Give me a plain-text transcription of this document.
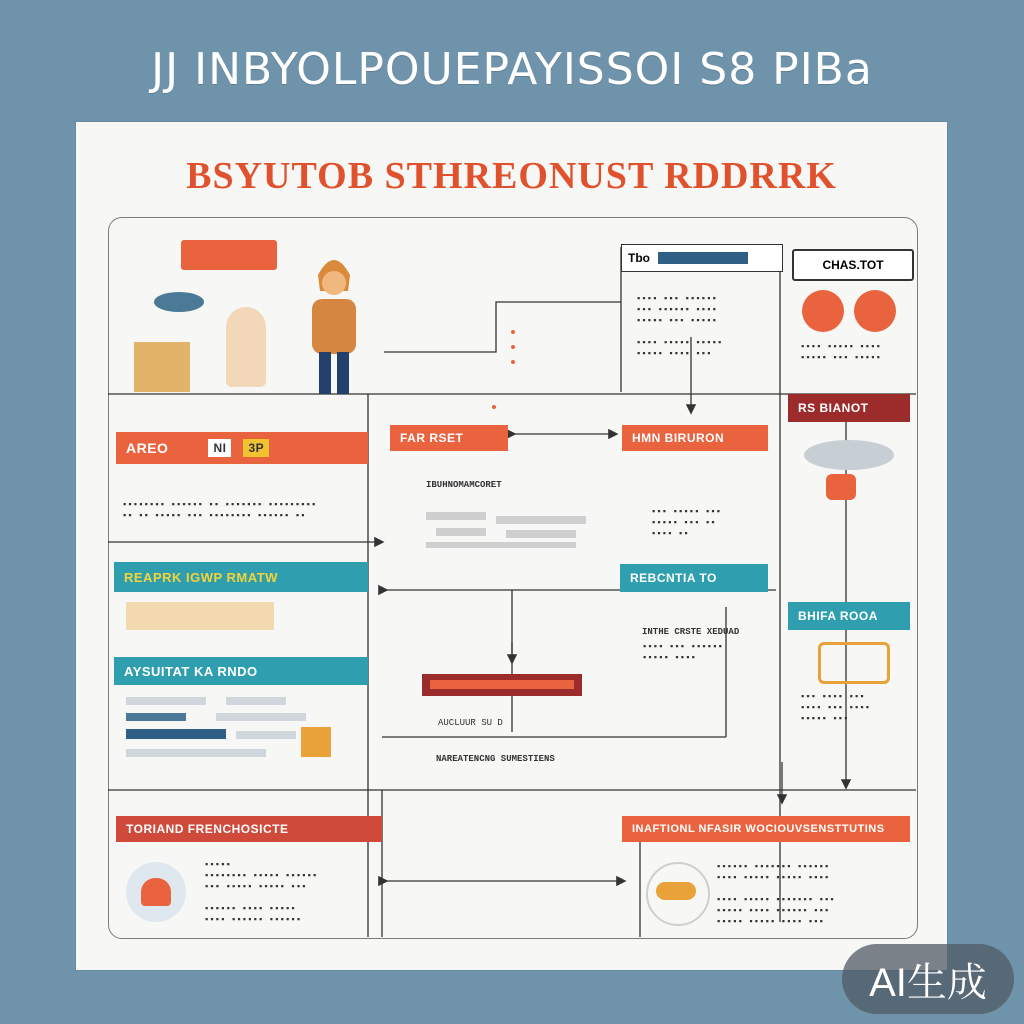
JJ INBYOLPOUEPAYISSOI S8 PIBa
BSYUTOB STHREONUST RDDRRK
Tbo
▪▪▪▪ ▪▪▪ ▪▪▪▪▪▪
▪▪▪ ▪▪▪▪▪▪ ▪▪▪▪
▪▪▪▪▪ ▪▪▪ ▪▪▪▪▪

▪▪▪▪ ▪▪▪▪▪ ▪▪▪▪▪
▪▪▪▪▪ ▪▪▪▪ ▪▪▪
CHAS.TOT
▪▪▪▪ ▪▪▪▪▪ ▪▪▪▪
▪▪▪▪▪ ▪▪▪ ▪▪▪▪▪
AREO	NI	3P
▪▪▪▪▪▪▪▪ ▪▪▪▪▪▪ ▪▪ ▪▪▪▪▪▪▪ ▪▪▪▪▪▪▪▪▪
▪▪ ▪▪ ▪▪▪▪▪ ▪▪▪ ▪▪▪▪▪▪▪▪ ▪▪▪▪▪▪ ▪▪
FAR RSET	HMN BIRURON
IBUHNOMAMCORET
▪▪▪ ▪▪▪▪▪ ▪▪▪
▪▪▪▪▪ ▪▪▪ ▪▪
▪▪▪▪ ▪▪
RS BIANOT
REAPRK IGWP RMATW
AYSUITAT KA RNDO
REBCNTIA TO
INTHE CRSTE XEDUAD
▪▪▪▪ ▪▪▪ ▪▪▪▪▪▪
▪▪▪▪▪ ▪▪▪▪
BHIFA ROOA
▪▪▪ ▪▪▪▪ ▪▪▪
▪▪▪▪ ▪▪▪ ▪▪▪▪
▪▪▪▪▪ ▪▪▪
AUCLUUR SU D
NAREATENCNG SUMESTIENS
TORIAND FRENCHOSICTE	INAFTIONL NFASIR WOCIOUVSENSTTUTINS
▪▪▪▪▪
▪▪▪▪▪▪▪▪ ▪▪▪▪▪ ▪▪▪▪▪▪
▪▪▪ ▪▪▪▪▪ ▪▪▪▪▪ ▪▪▪

▪▪▪▪▪▪ ▪▪▪▪ ▪▪▪▪▪
▪▪▪▪ ▪▪▪▪▪▪ ▪▪▪▪▪▪
▪▪▪▪▪▪ ▪▪▪▪▪▪▪ ▪▪▪▪▪▪
▪▪▪▪ ▪▪▪▪▪ ▪▪▪▪▪ ▪▪▪▪

▪▪▪▪ ▪▪▪▪▪ ▪▪▪▪▪▪▪ ▪▪▪
▪▪▪▪▪ ▪▪▪▪ ▪▪▪▪▪▪ ▪▪▪
▪▪▪▪▪ ▪▪▪▪▪ ▪▪▪▪ ▪▪▪
AI生成
